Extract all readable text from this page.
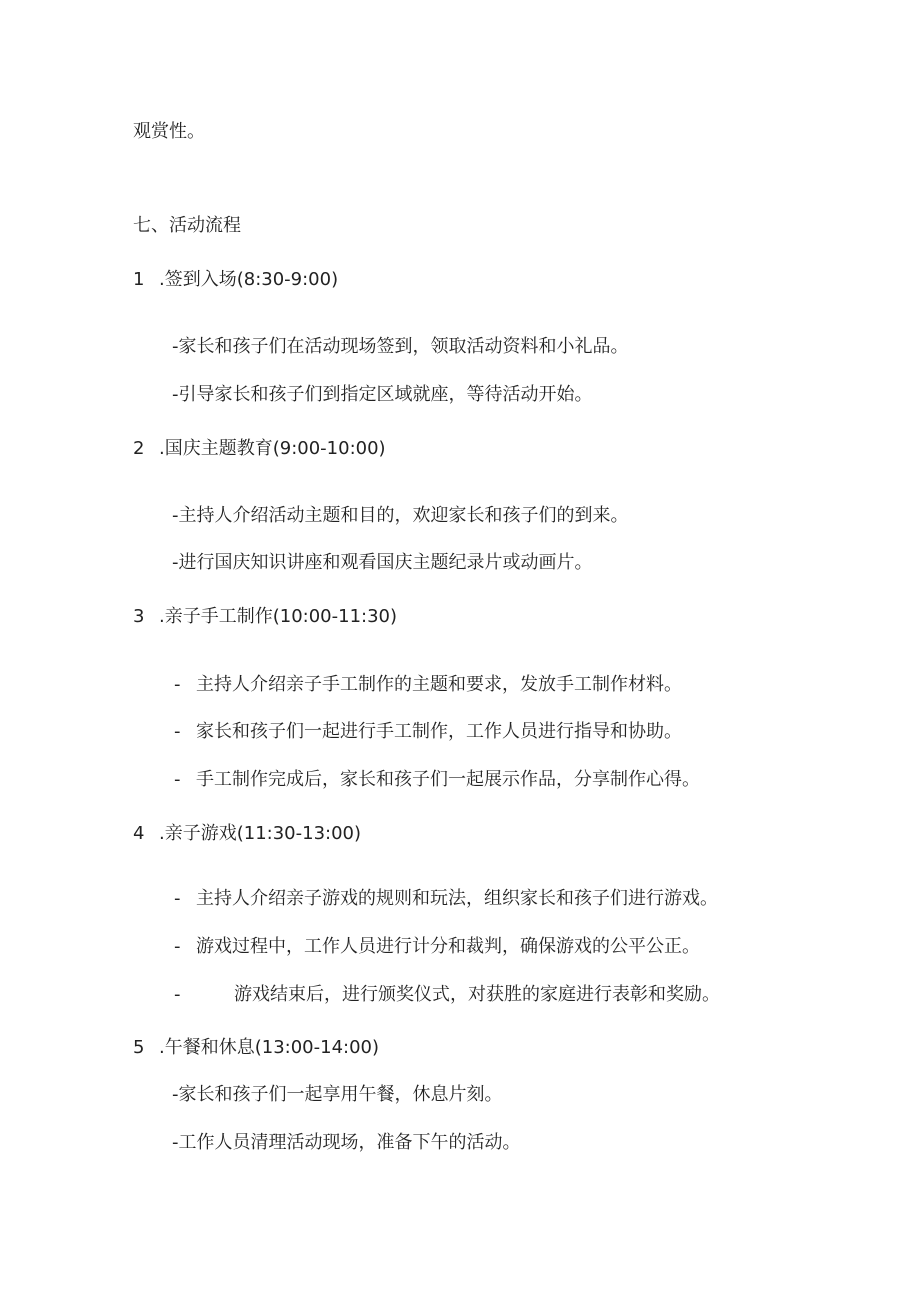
观赏性。
七、活动流程
1 .签到入场(8:30-9:00)
-家长和孩子们在活动现场签到，领取活动资料和小礼品。
-引导家长和孩子们到指定区域就座，等待活动开始。
2 .国庆主题教育(9:00-10:00)
-主持人介绍活动主题和目的，欢迎家长和孩子们的到来。
-进行国庆知识讲座和观看国庆主题纪录片或动画片。
3 .亲子手工制作(10:00-11:30)
- 主持人介绍亲子手工制作的主题和要求，发放手工制作材料。
- 家长和孩子们一起进行手工制作，工作人员进行指导和协助。
- 手工制作完成后，家长和孩子们一起展示作品，分享制作心得。
4 .亲子游戏(11:30-13:00)
- 主持人介绍亲子游戏的规则和玩法，组织家长和孩子们进行游戏。
- 游戏过程中，工作人员进行计分和裁判，确保游戏的公平公正。
-	游戏结束后，进行颁奖仪式，对获胜的家庭进行表彰和奖励。
5 .午餐和休息(13:00-14:00)
-家长和孩子们一起享用午餐，休息片刻。
-工作人员清理活动现场，准备下午的活动。
